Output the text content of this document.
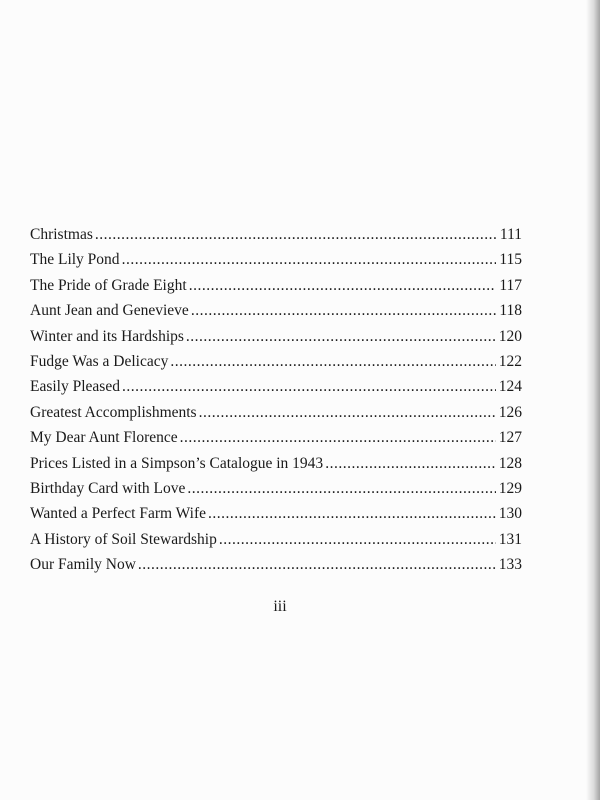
Christmas .....	111
The Lily Pond .....	115
The Pride of Grade Eight .....	117
Aunt Jean and Genevieve .....	118
Winter and its Hardships .....	120
Fudge Was a Delicacy .....	122
Easily Pleased .....	124
Greatest Accomplishments .....	126
My Dear Aunt Florence .....	127
Prices Listed in a Simpson’s Catalogue in 1943 .....	128
Birthday Card with Love .....	129
Wanted a Perfect Farm Wife .....	130
A History of Soil Stewardship .....	131
Our Family Now .....	133
iii
